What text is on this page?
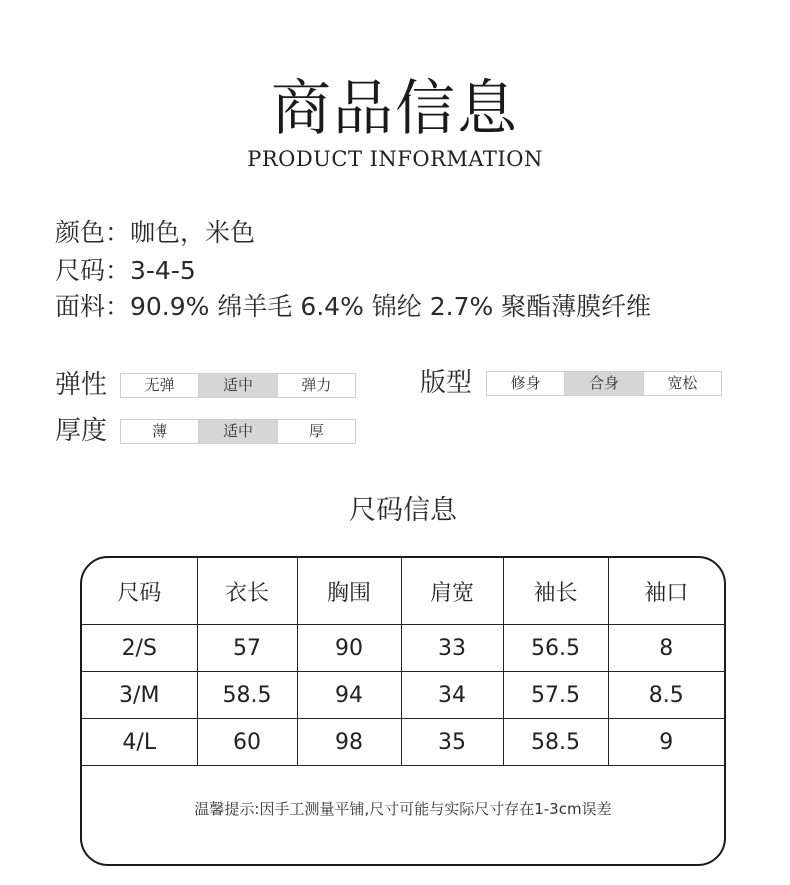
商品信息
PRODUCT INFORMATION
颜色：咖色，米色
尺码：3-4-5
面料：90.9% 绵羊毛 6.4% 锦纶 2.7% 聚酯薄膜纤维
弹性	无弹	适中	弹力	版型	修身	合身	宽松
厚度	薄	适中	厚
尺码信息
尺码	衣长	胸围	肩宽	袖长	袖口
2/S	57	90	33	56.5	8
3/M	58.5	94	34	57.5	8.5
4/L	60	98	35	58.5	9
温馨提示:因手工测量平铺,尺寸可能与实际尺寸存在1-3cm误差
